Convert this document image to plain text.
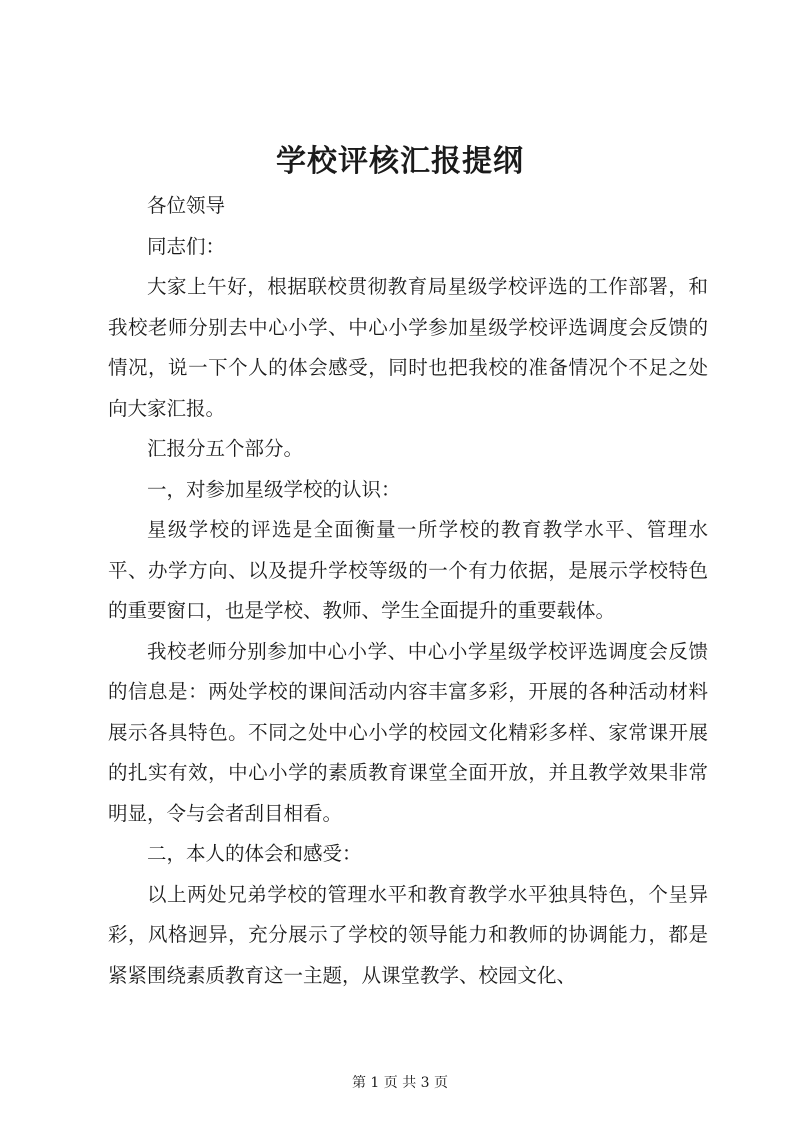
学校评核汇报提纲

各位领导

同志们：

大家上午好，根据联校贯彻教育局星级学校评选的工作部署，和我校老师分别去中心小学、中心小学参加星级学校评选调度会反馈的情况，说一下个人的体会感受，同时也把我校的准备情况个不足之处向大家汇报。

汇报分五个部分。

一，对参加星级学校的认识：

星级学校的评选是全面衡量一所学校的教育教学水平、管理水平、办学方向、以及提升学校等级的一个有力依据，是展示学校特色的重要窗口，也是学校、教师、学生全面提升的重要载体。

我校老师分别参加中心小学、中心小学星级学校评选调度会反馈的信息是：两处学校的课间活动内容丰富多彩，开展的各种活动材料展示各具特色。不同之处中心小学的校园文化精彩多样、家常课开展的扎实有效，中心小学的素质教育课堂全面开放，并且教学效果非常明显，令与会者刮目相看。

二，本人的体会和感受：

以上两处兄弟学校的管理水平和教育教学水平独具特色，个呈异彩，风格迥异，充分展示了学校的领导能力和教师的协调能力，都是紧紧围绕素质教育这一主题，从课堂教学、校园文化、

第 1 页 共 3 页
